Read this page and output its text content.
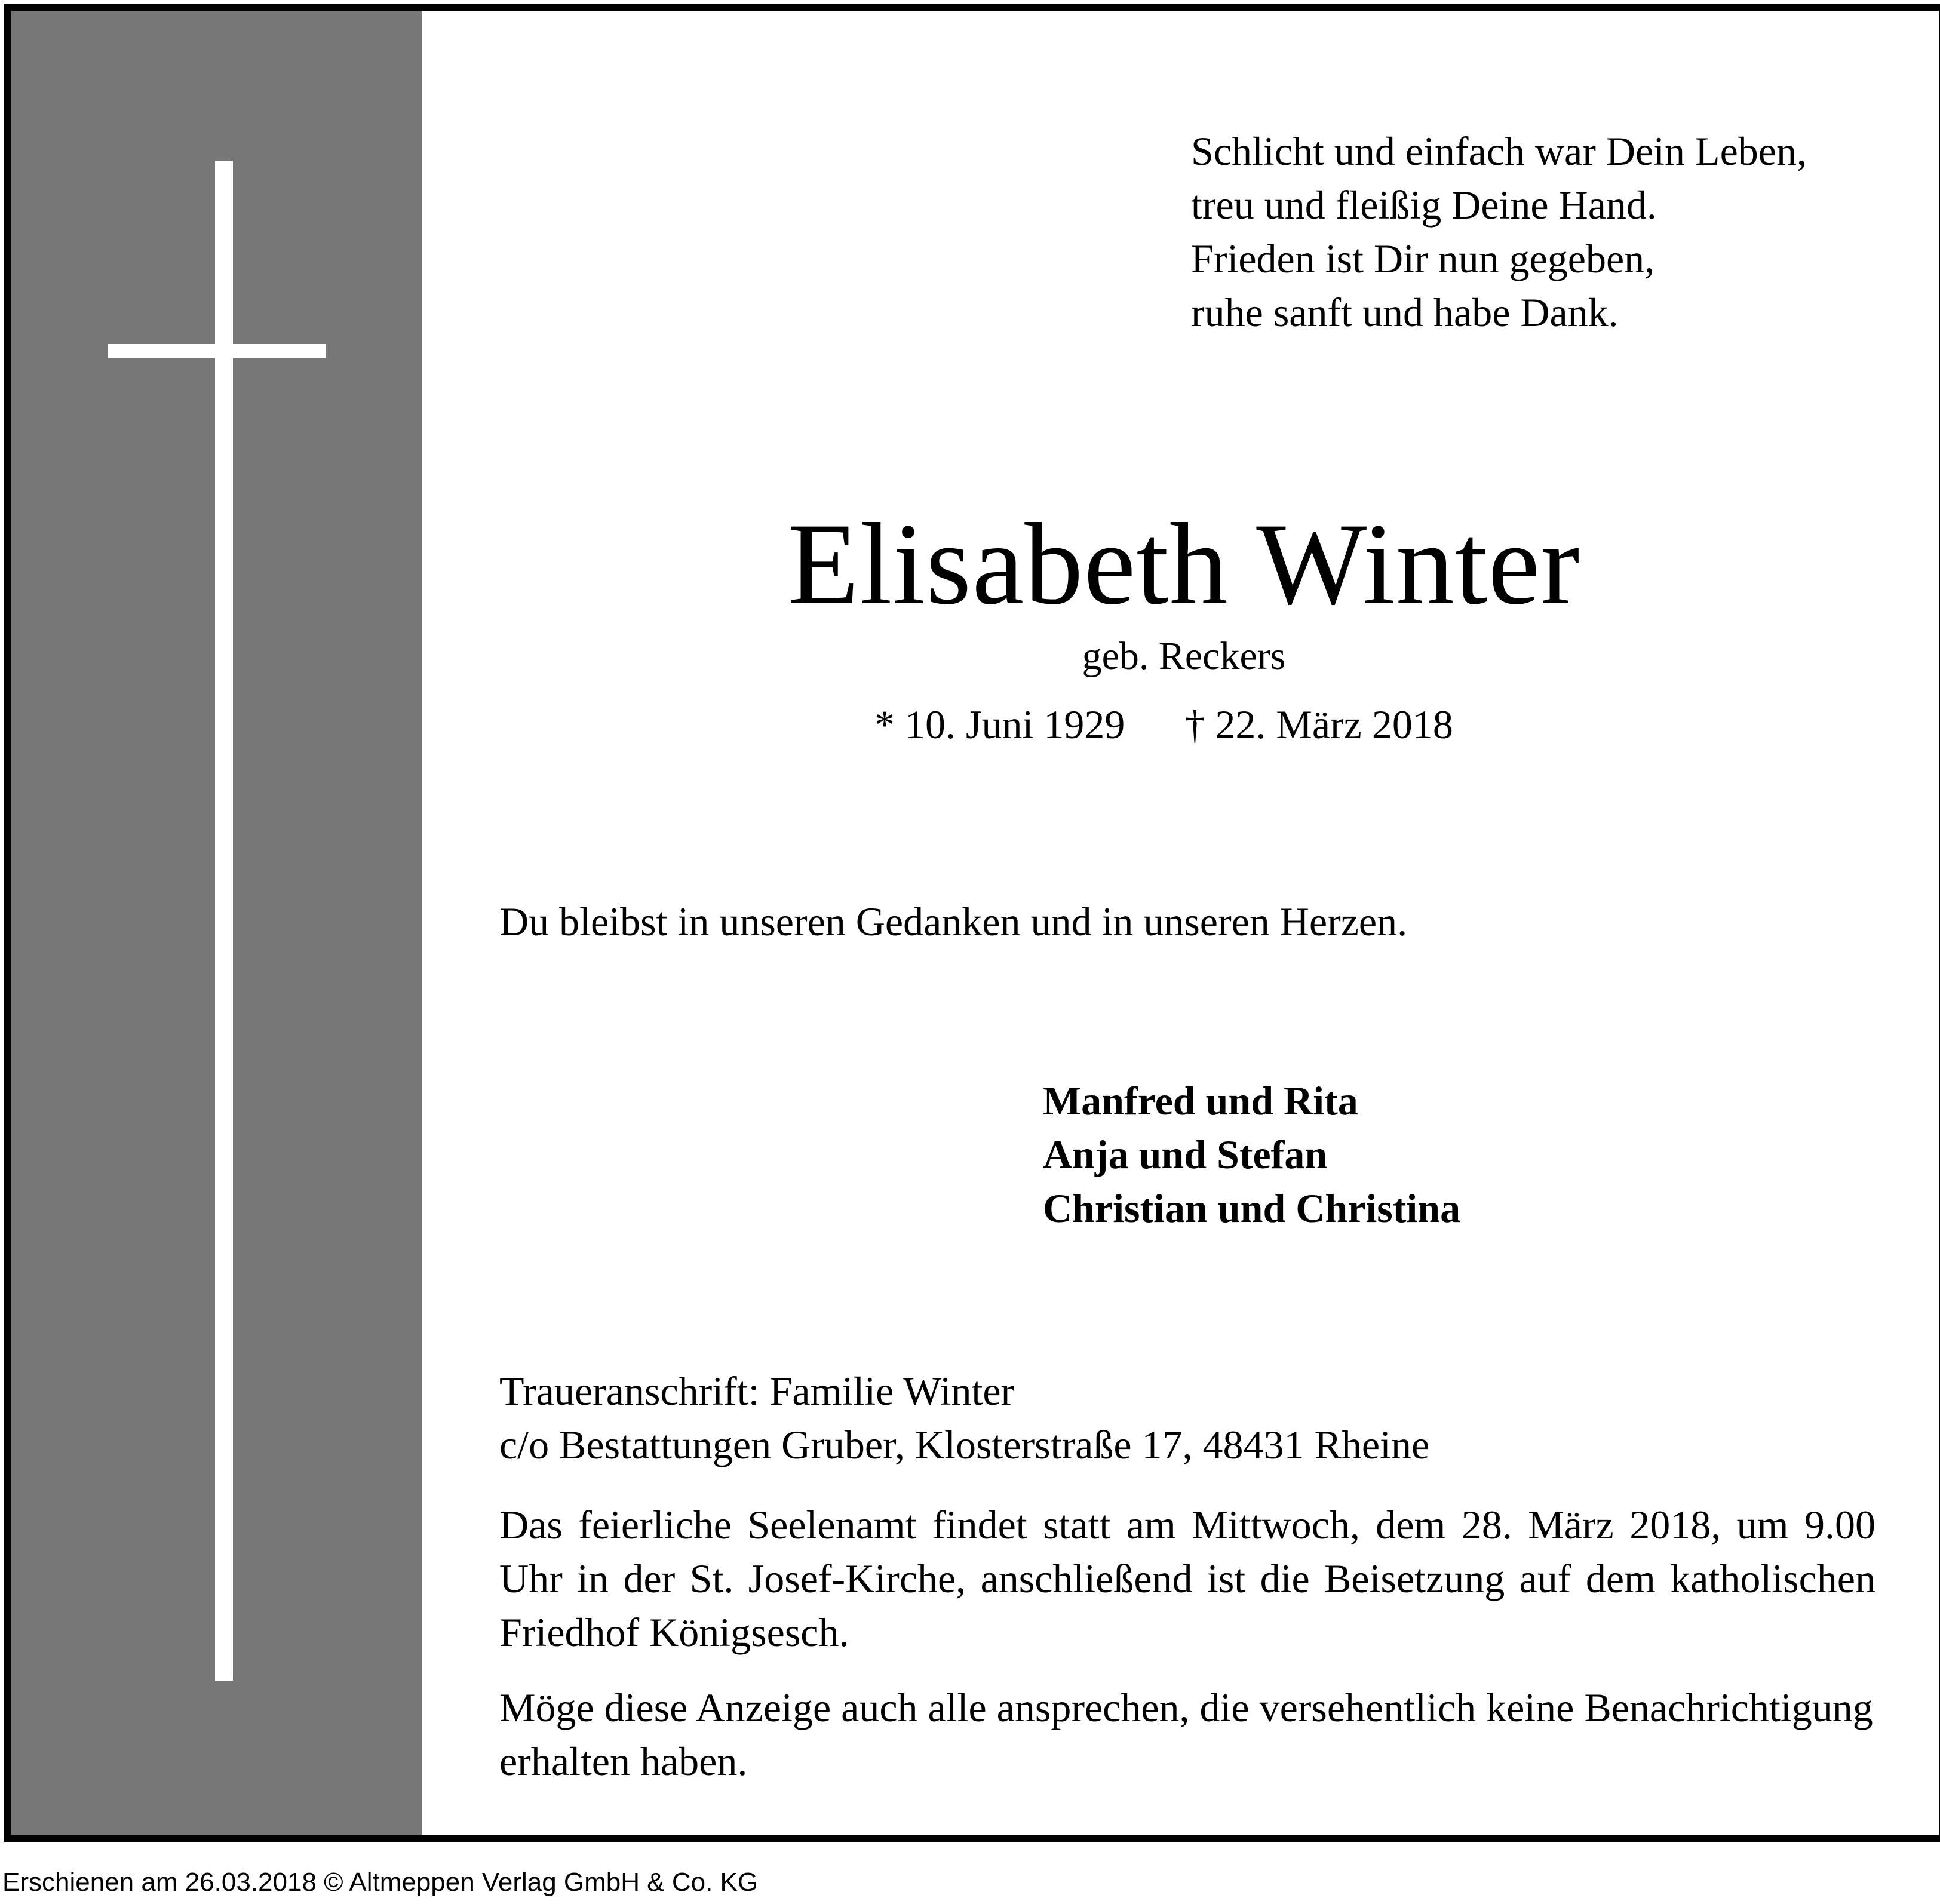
Schlicht und einfach war Dein Leben,
treu und fleißig Deine Hand.
Frieden ist Dir nun gegeben,
ruhe sanft und habe Dank.
Elisabeth Winter
geb. Reckers
* 10. Juni 1929 † 22. März 2018
Du bleibst in unseren Gedanken und in unseren Herzen.
Manfred und Rita
Anja und Stefan
Christian und Christina
Traueranschrift: Familie Winter
c/o Bestattungen Gruber, Klosterstraße 17, 48431 Rheine
Das feierliche Seelenamt findet statt am Mittwoch, dem 28. März 2018, um 9.00 Uhr in der St. Josef-Kirche, anschließend ist die Beisetzung auf dem katholischen Friedhof Königsesch.
Möge diese Anzeige auch alle ansprechen, die versehentlich keine Benachrichtigung erhalten haben.
Erschienen am 26.03.2018 © Altmeppen Verlag GmbH & Co. KG
